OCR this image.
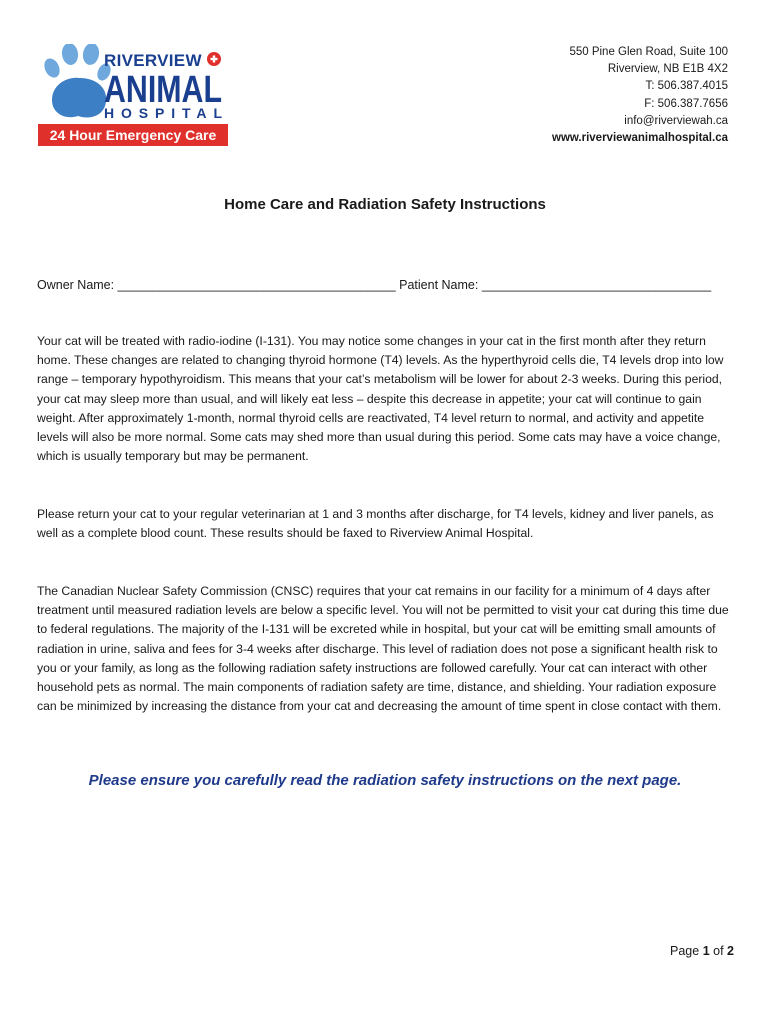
RIVERVIEW
ANIMAL
HOSPITAL
24 Hour Emergency Care
550 Pine Glen Road, Suite 100
Riverview, NB E1B 4X2
T: 506.387.4015
F: 506.387.7656
info@riverviewah.ca
www.riverviewanimalhospital.ca
Home Care and Radiation Safety Instructions
Owner Name: ________________________________________ Patient Name: _________________________________

Your cat will be treated with radio-iodine (I-131). You may notice some changes in your cat in the first month after they return home. These changes are related to changing thyroid hormone (T4) levels. As the hyperthyroid cells die, T4 levels drop into low range – temporary hypothyroidism. This means that your cat’s metabolism will be lower for about 2-3 weeks. During this period, your cat may sleep more than usual, and will likely eat less – despite this decrease in appetite; your cat will continue to gain weight. After approximately 1-month, normal thyroid cells are reactivated, T4 level return to normal, and activity and appetite levels will also be more normal. Some cats may shed more than usual during this period. Some cats may have a voice change, which is usually temporary but may be permanent.

Please return your cat to your regular veterinarian at 1 and 3 months after discharge, for T4 levels, kidney and liver panels, as well as a complete blood count. These results should be faxed to Riverview Animal Hospital.

The Canadian Nuclear Safety Commission (CNSC) requires that your cat remains in our facility for a minimum of 4 days after treatment until measured radiation levels are below a specific level. You will not be permitted to visit your cat during this time due to federal regulations. The majority of the I-131 will be excreted while in hospital, but your cat will be emitting small amounts of radiation in urine, saliva and fees for 3-4 weeks after discharge. This level of radiation does not pose a significant health risk to you or your family, as long as the following radiation safety instructions are followed carefully. Your cat can interact with other household pets as normal. The main components of radiation safety are time, distance, and shielding. Your radiation exposure can be minimized by increasing the distance from your cat and decreasing the amount of time spent in close contact with them.

Please ensure you carefully read the radiation safety instructions on the next page.
Page 1 of 2
